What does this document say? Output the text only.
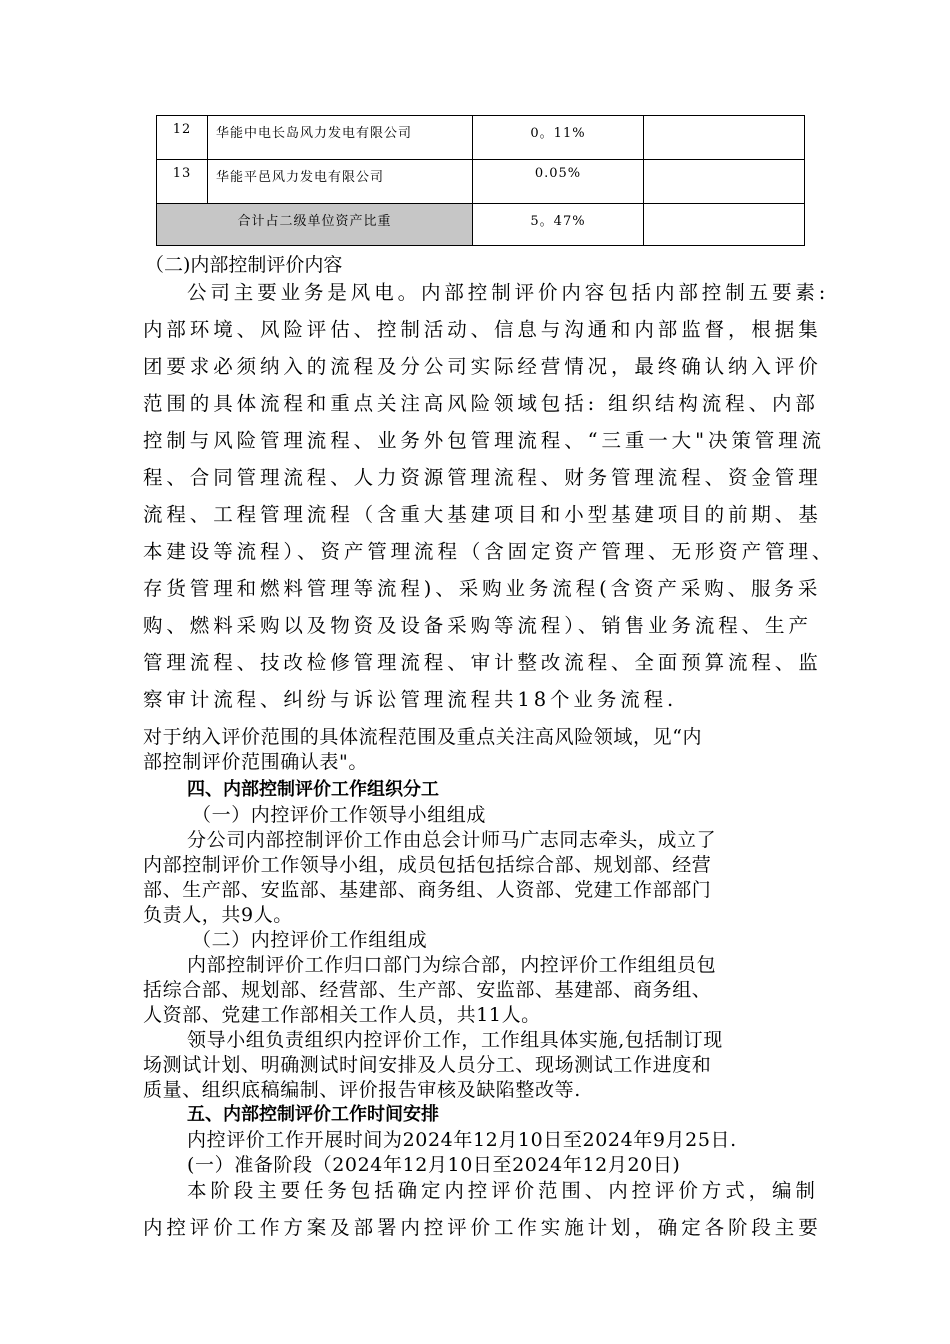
12	华能中电长岛风力发电有限公司	0。11%	
13	华能平邑风力发电有限公司	0.05%	
合计占二级单位资产比重		5。47%	
（二)内部控制评价内容
公司主要业务是风电。内部控制评价内容包括内部控制五要素:
内部环境、风险评估、控制活动、信息与沟通和内部监督，根据集
团要求必须纳入的流程及分公司实际经营情况，最终确认纳入评价
范围的具体流程和重点关注高风险领域包括: 组织结构流程、内部
控制与风险管理流程、业务外包管理流程、“三重一大"决策管理流
程、合同管理流程、人力资源管理流程、财务管理流程、资金管理
流程、工程管理流程（含重大基建项目和小型基建项目的前期、基
本建设等流程）、资产管理流程（含固定资产管理、无形资产管理、
存货管理和燃料管理等流程)、采购业务流程(含资产采购、服务采
购、燃料采购以及物资及设备采购等流程）、销售业务流程、生产
管理流程、技改检修管理流程、审计整改流程、全面预算流程、监
察审计流程、纠纷与诉讼管理流程共18个业务流程.
对于纳入评价范围的具体流程范围及重点关注高风险领域，见“内
部控制评价范围确认表"。
四、内部控制评价工作组织分工
（一）内控评价工作领导小组组成
分公司内部控制评价工作由总会计师马广志同志牵头，成立了
内部控制评价工作领导小组，成员包括包括综合部、规划部、经营
部、生产部、安监部、基建部、商务组、人资部、党建工作部部门
负责人，共9人。
（二）内控评价工作组组成
内部控制评价工作归口部门为综合部，内控评价工作组组员包
括综合部、规划部、经营部、生产部、安监部、基建部、商务组、
人资部、党建工作部相关工作人员，共11人。
领导小组负责组织内控评价工作，工作组具体实施,包括制订现
场测试计划、明确测试时间安排及人员分工、现场测试工作进度和
质量、组织底稿编制、评价报告审核及缺陷整改等.
五、内部控制评价工作时间安排
内控评价工作开展时间为2024年12月10日至2024年9月25日.
(一）准备阶段（2024年12月10日至2024年12月20日)
本阶段主要任务包括确定内控评价范围、内控评价方式，编制
内控评价工作方案及部署内控评价工作实施计划，确定各阶段主要
